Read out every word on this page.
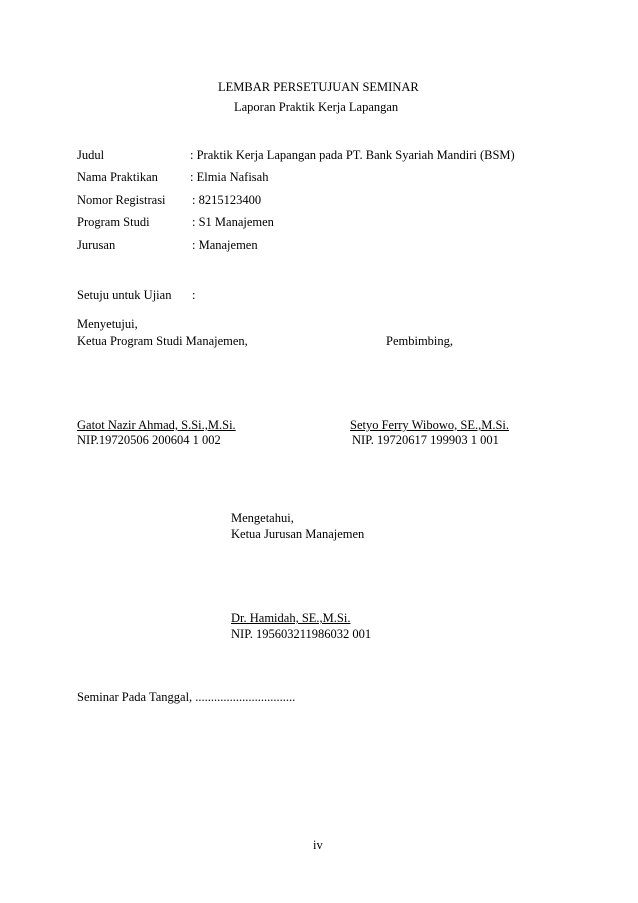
LEMBAR PERSETUJUAN SEMINAR
Laporan Praktik Kerja Lapangan
Judul	: Praktik Kerja Lapangan pada PT. Bank Syariah Mandiri (BSM)
Nama Praktikan	: Elmia Nafisah
Nomor Registrasi : 8215123400
Program Studi	: S1 Manajemen
Jurusan	: Manajemen
Setuju untuk Ujian :
Menyetujui,
Ketua Program Studi Manajemen,	Pembimbing,
Gatot Nazir Ahmad, S.Si.,M.Si.
NIP.19720506 200604 1 002
Setyo Ferry Wibowo, SE.,M.Si.
NIP. 19720617 199903 1 001
Mengetahui,
Ketua Jurusan Manajemen
Dr. Hamidah, SE.,M.Si.
NIP. 195603211986032 001
Seminar Pada Tanggal, ................................
iv
